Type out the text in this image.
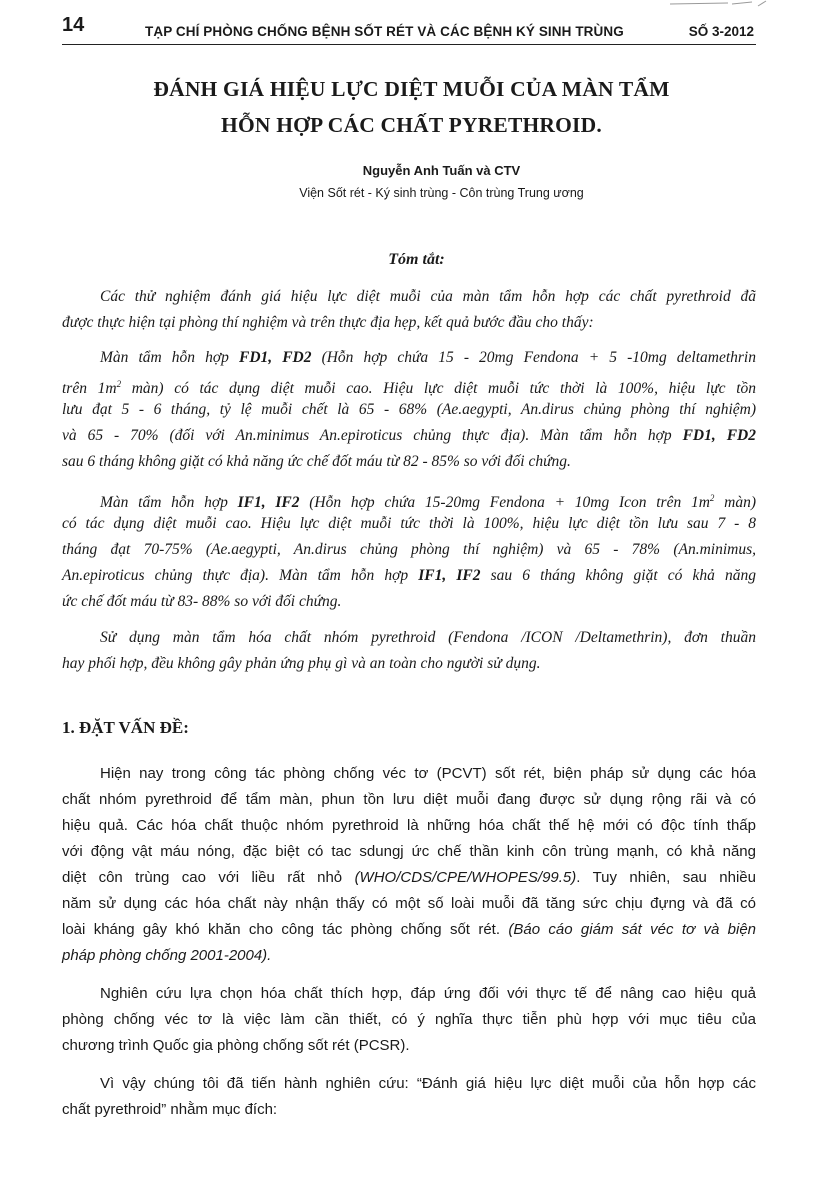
14	TẠP CHÍ PHÒNG CHỐNG BỆNH SỐT RÉT VÀ CÁC BỆNH KÝ SINH TRÙNG	SỐ 3-2012
ĐÁNH GIÁ HIỆU LỰC DIỆT MUỖI CỦA MÀN TẨM
HỖN HỢP CÁC CHẤT PYRETHROID.
Nguyễn Anh Tuấn và CTV
Viện Sốt rét - Ký sinh trùng - Côn trùng Trung ương
Tóm tắt:
Các thử nghiệm đánh giá hiệu lực diệt muỗi của màn tẩm hỗn hợp các chất pyrethroid đã
được thực hiện tại phòng thí nghiệm và trên thực địa hẹp, kết quả bước đầu cho thấy:
Màn tẩm hỗn hợp FD1, FD2 (Hỗn hợp chứa 15 - 20mg Fendona + 5 -10mg deltamethrin
trên $1m^2$ màn) có tác dụng diệt muỗi cao. Hiệu lực diệt muỗi tức thời là 100%, hiệu lực tồn
lưu đạt 5 - 6 tháng, tỷ lệ muỗi chết là 65 - 68% (Ae.aegypti, An.dirus chủng phòng thí nghiệm)
và 65 - 70% (đối với An.minimus An.epiroticus chủng thực địa). Màn tẩm hỗn hợp FD1, FD2
sau 6 tháng không giặt có khả năng ức chế đốt máu từ 82 - 85% so với đối chứng.
Màn tẩm hỗn hợp IF1, IF2 (Hỗn hợp chứa 15-20mg Fendona + 10mg Icon trên $1m^2$ màn)
có tác dụng diệt muỗi cao. Hiệu lực diệt muỗi tức thời là 100%, hiệu lực diệt tồn lưu sau 7 - 8
tháng đạt 70-75% (Ae.aegypti, An.dirus chủng phòng thí nghiệm) và 65 - 78% (An.minimus,
An.epiroticus chủng thực địa). Màn tẩm hỗn hợp IF1, IF2 sau 6 tháng không giặt có khả năng
ức chế đốt máu từ 83- 88% so với đối chứng.
Sử dụng màn tẩm hóa chất nhóm pyrethroid (Fendona /ICON /Deltamethrin), đơn thuần
hay phối hợp, đều không gây phản ứng phụ gì và an toàn cho người sử dụng.
1. ĐẶT VẤN ĐỀ:
Hiện nay trong công tác phòng chống véc tơ (PCVT) sốt rét, biện pháp sử dụng các hóa
chất nhóm pyrethroid để tẩm màn, phun tồn lưu diệt muỗi đang được sử dụng rộng rãi và có
hiệu quả. Các hóa chất thuộc nhóm pyrethroid là những hóa chất thế hệ mới có độc tính thấp
với động vật máu nóng, đặc biệt có tac sdungj ức chế thần kinh côn trùng mạnh, có khả năng
diệt côn trùng cao với liều rất nhỏ (WHO/CDS/CPE/WHOPES/99.5). Tuy nhiên, sau nhiều
năm sử dụng các hóa chất này nhận thấy có một số loài muỗi đã tăng sức chịu đựng và đã có
loài kháng gây khó khăn cho công tác phòng chống sốt rét. (Báo cáo giám sát véc tơ và biện
pháp phòng chống 2001-2004).
Nghiên cứu lựa chọn hóa chất thích hợp, đáp ứng đối với thực tế để nâng cao hiệu quả
phòng chống véc tơ là việc làm cần thiết, có ý nghĩa thực tiễn phù hợp với mục tiêu của
chương trình Quốc gia phòng chống sốt rét (PCSR).
Vì vậy chúng tôi đã tiến hành nghiên cứu: “Đánh giá hiệu lực diệt muỗi của hỗn hợp các
chất pyrethroid” nhằm mục đích:
